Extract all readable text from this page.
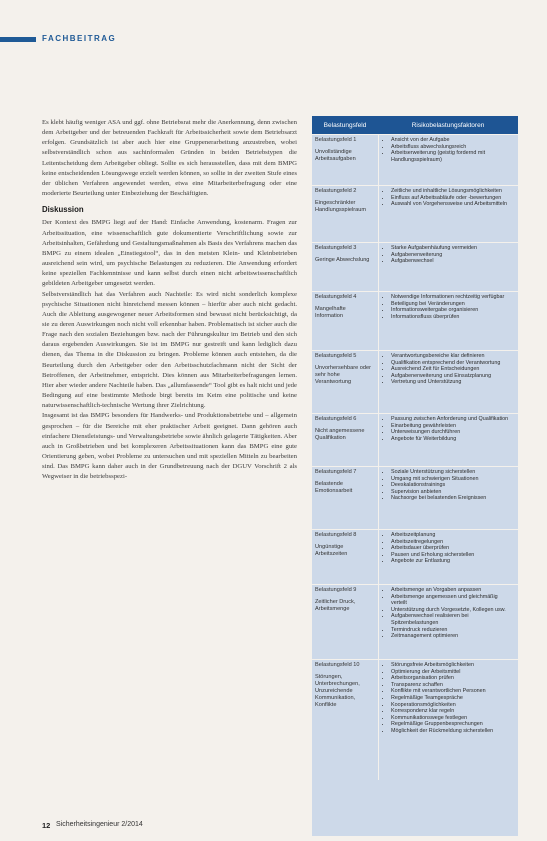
FACHBEITRAG

Es klebt häufig weniger ASA und ggf. ohne Betriebsrat mehr die Anerkennung, denn zwischen dem Arbeitgeber und der betreuenden Fachkraft für Arbeitssicherheit sowie dem Betriebsarzt erfolgen. Grundsätzlich ist aber auch hier eine Gruppenerarbeitung anzustreben, wobei selbstverständlich schon aus sachinformalen Gründen in beiden Betriebstypen die Leitentscheidung dem Arbeitgeber obliegt. Sollte es sich herausstellen, dass mit dem BMPG keine entscheidenden Lösungswege erzielt werden können, so sollte in der zweiten Stufe eines der üblichen Verfahren angewendet werden, etwa eine Mitarbeiterbefragung oder eine moderierte Beurteilung unter Einbeziehung der Beschäftigten.

Diskussion

Der Kontext des BMPG liegt auf der Hand: Einfache Anwendung, kostenarm. Fragen zur Arbeitssituation, eine wissenschaftlich gute dokumentierte Verschriftlichung sowie zur Arbeitsinhalten, Gefährdung und Gestaltungsmaßnahmen als Basis des Verfahrens machen das BMPG zu einem idealen „Einstiegstool“, das in den meisten Klein- und Kleinbetrieben ausreichend sein wird, um psychische Belastungen zu reduzieren. Die Anwendung erfordert keine speziellen Fachkenntnisse und kann selbst durch einen nicht arbeitswissenschaftlich gebildeten Arbeitgeber umgesetzt werden.

Selbstverständlich hat das Verfahren auch Nachteile: Es wird nicht sonderlich komplexe psychische Situationen nicht hinreichend messen können – hierfür aber auch nicht gedacht. Auch die Ableitung ausgewogener neuer Arbeitsformen sind bewusst nicht berücksichtigt, da sie zu deren Auswirkungen noch nicht voll erkennbar haben. Problematisch ist sicher auch die Frage nach den sozialen Beziehungen bzw. nach der Führungskultur im Betrieb und den sich daraus ergebenden Auswirkungen. Sie ist im BMPG nur gestreift und kann lediglich dazu dienen, das Thema in die Diskussion zu bringen. Probleme können auch entstehen, da die Beurteilung durch den Arbeitgeber oder den Arbeitsschutzfachmann nicht der Sicht der Betroffenen, der Arbeitnehmer, entspricht. Dies können aus Mitarbeiterbefragungen lernen. Hier aber wieder andere Nachteile haben. Das „allumfassende“ Tool gibt es halt nicht und jede Bedingung auf eine bestimmte Methode birgt bereits im Keim eine politische und keine naturwissenschaftlich-technische Wertung ihrer Zielrichtung.

Insgesamt ist das BMPG besonders für Handwerks- und Produktionsbetriebe und – allgemein gesprochen – für die Bereiche mit eher praktischer Arbeit geeignet. Dann gehören auch einfachere Dienstleistungs- und Verwaltungsbetriebe sowie ähnlich gelagerte Tätigkeiten. Aber auch in Großbetrieben und bei komplexeren Arbeitssituationen kann das BMPG eine gute Orientierung geben, wobei Probleme zu untersuchen und mit speziellen Mitteln zu bearbeiten sind. Das BMPG kann daher auch in der Grundbetreuung nach der DGUV Vorschrift 2 als Wegweiser in die betriebsspezi-

Belastungsfeld	Risikobelastungsfaktoren
Belastungsfeld 1
Unvollständige Arbeitsaufgaben
• Ansicht von der Aufgabe
• Arbeitsfluss abwechslungsreich
• Arbeitserweiterung (geistig fordernd mit Handlungsspielraum)
Belastungsfeld 2
Eingeschränkter Handlungsspielraum
• Zeitliche und inhaltliche Lösungsmöglichkeiten
• Einfluss auf Arbeitsabläufe oder -bewertungen
• Auswahl von Vorgehensweise und Arbeitsmitteln
Belastungsfeld 3
Geringe Abwechslung
• Starke Aufgabenhäufung vermeiden
• Aufgabenerweiterung
• Aufgabenwechsel
Belastungsfeld 4
Mangelhafte Information
• Notwendige Informationen rechtzeitig verfügbar
• Beteiligung bei Veränderungen
• Informationsweitergabe organisieren
• Informationsfluss überprüfen
Belastungsfeld 5
Unvorhersehbare oder sehr hohe Verantwortung
• Verantwortungsbereiche klar definieren
• Qualifikation entsprechend der Verantwortung
• Ausreichend Zeit für Entscheidungen
• Aufgabenerweiterung und Einsatzplanung
• Vertretung und Unterstützung
Belastungsfeld 6
Nicht angemessene Qualifikation
• Passung zwischen Anforderung und Qualifikation
• Einarbeitung gewährleisten
• Unterweisungen durchführen
• Angebote für Weiterbildung
Belastungsfeld 7
Belastende Emotionsarbeit
• Soziale Unterstützung sicherstellen
• Umgang mit schwierigen Situationen
• Deeskalationstrainings
• Supervision anbieten
• Nachsorge bei belastenden Ereignissen
Belastungsfeld 8
Ungünstige Arbeitszeiten
• Arbeitszeitplanung
• Arbeitszeitregelungen
• Arbeitsdauer überprüfen
• Pausen und Erholung sicherstellen
• Angebote zur Entlastung
Belastungsfeld 9
Zeitlicher Druck, Arbeitsmenge
• Arbeitsmenge an Vorgaben anpassen
• Arbeitsmenge angemessen und gleichmäßig verteilt
• Unterstützung durch Vorgesetzte, Kollegen usw.
• Aufgabenwechsel realisieren bei Spitzenbelastungen
• Termindruck reduzieren
• Zeitmanagement optimieren
Belastungsfeld 10
Störungen, Unterbrechungen, Unzureichende Kommunikation, Konflikte
• Störungsfreie Arbeitsmöglichkeiten
• Optimierung der Arbeitsmittel
• Arbeitsorganisation prüfen
• Transparenz schaffen
• Konflikte mit verantwortlichen Personen
• Regelmäßige Teamgespräche
• Kooperationsmöglichkeiten
• Korrespondenz klar regeln
• Kommunikationswege festlegen
• Regelmäßige Gruppenbesprechungen
• Möglichkeit der Rückmeldung sicherstellen
12 Sicherheitsingenieur 2/2014
